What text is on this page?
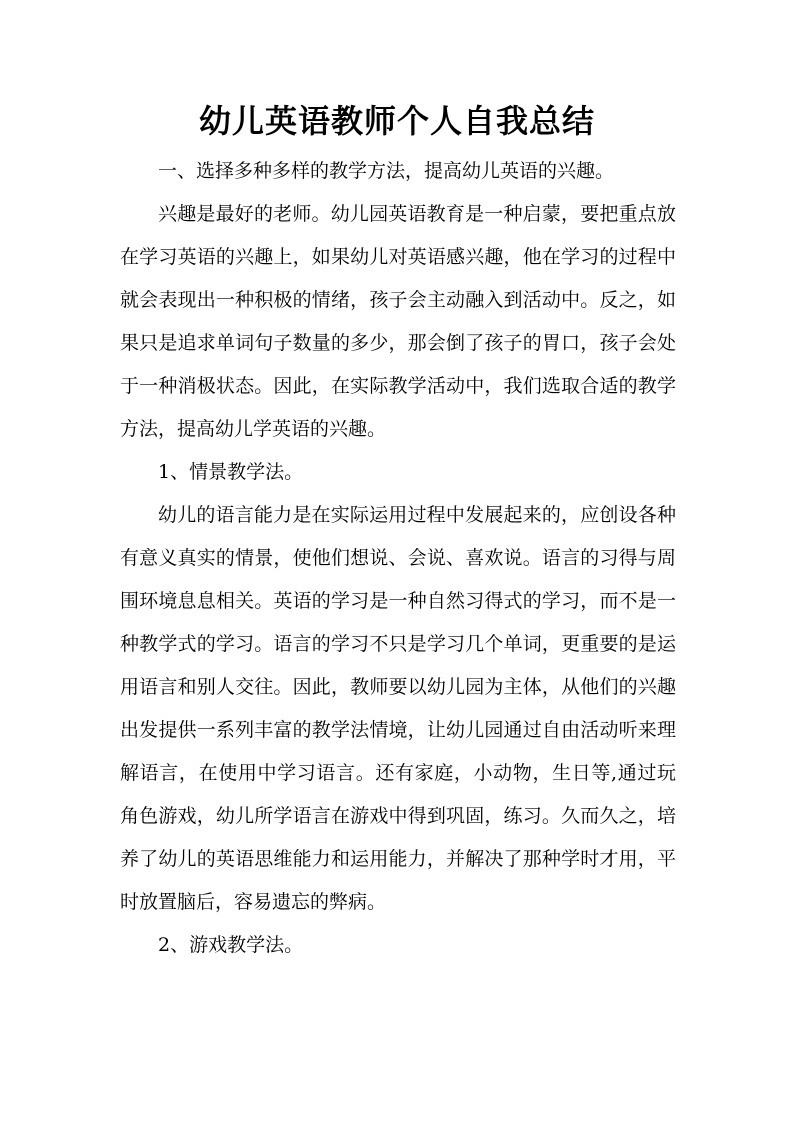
幼儿英语教师个人自我总结

一、选择多种多样的教学方法，提高幼儿英语的兴趣。

兴趣是最好的老师。幼儿园英语教育是一种启蒙，要把重点放在学习英语的兴趣上，如果幼儿对英语感兴趣，他在学习的过程中就会表现出一种积极的情绪，孩子会主动融入到活动中。反之，如果只是追求单词句子数量的多少，那会倒了孩子的胃口，孩子会处于一种消极状态。因此，在实际教学活动中，我们选取合适的教学方法，提高幼儿学英语的兴趣。

1、情景教学法。

幼儿的语言能力是在实际运用过程中发展起来的，应创设各种有意义真实的情景，使他们想说、会说、喜欢说。语言的习得与周围环境息息相关。英语的学习是一种自然习得式的学习，而不是一种教学式的学习。语言的学习不只是学习几个单词，更重要的是运用语言和别人交往。因此，教师要以幼儿园为主体，从他们的兴趣出发提供一系列丰富的教学法情境，让幼儿园通过自由活动听来理解语言，在使用中学习语言。还有家庭，小动物，生日等,通过玩角色游戏，幼儿所学语言在游戏中得到巩固，练习。久而久之，培养了幼儿的英语思维能力和运用能力，并解决了那种学时才用，平时放置脑后，容易遗忘的弊病。

2、游戏教学法。
